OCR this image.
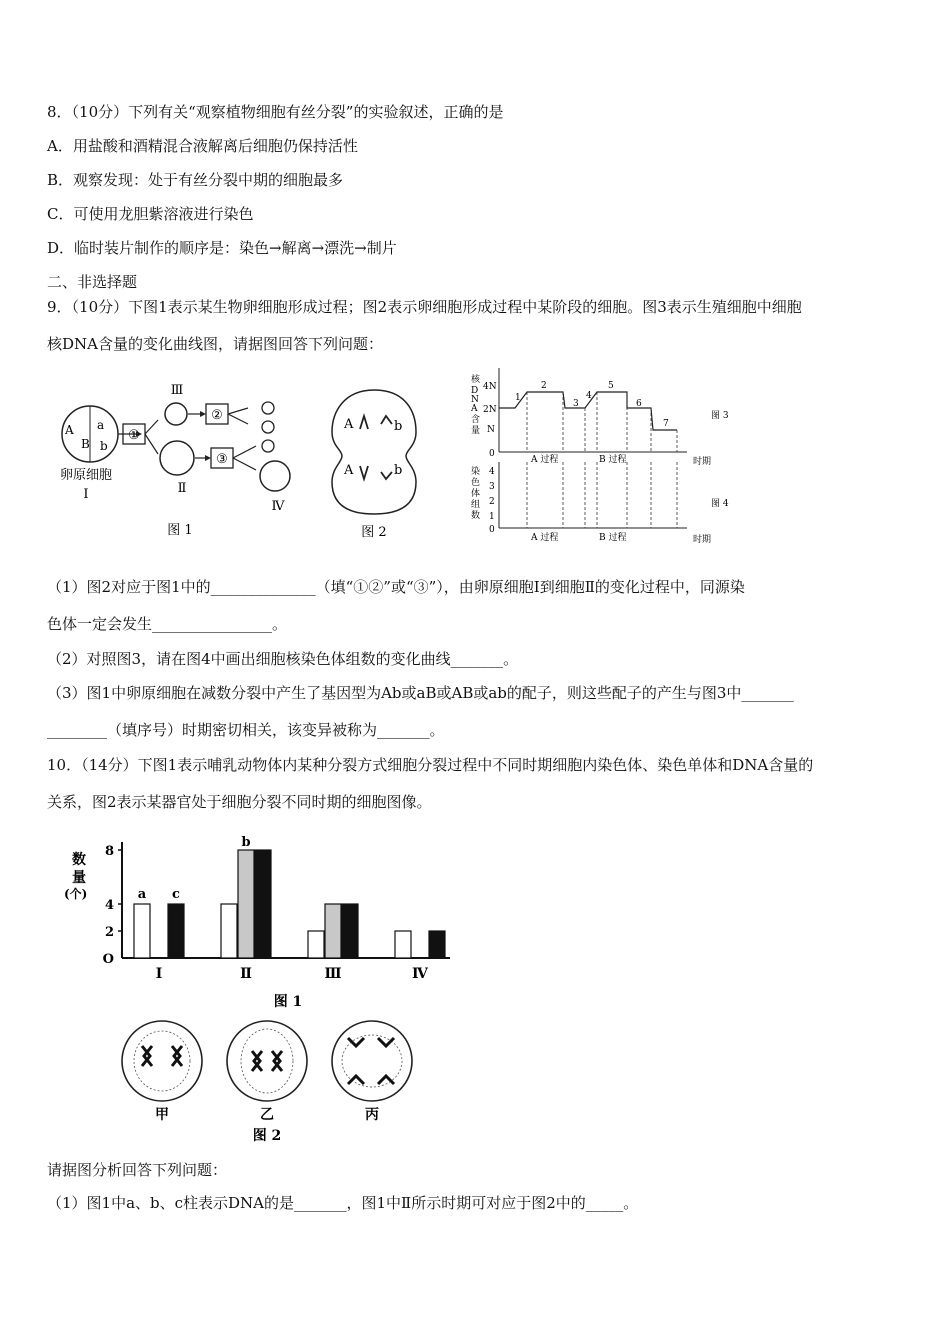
8．（10分）下列有关“观察植物细胞有丝分裂”的实验叙述，正确的是
A．用盐酸和酒精混合液解离后细胞仍保持活性
B．观察发现：处于有丝分裂中期的细胞最多
C．可使用龙胆紫溶液进行染色
D．临时装片制作的顺序是：染色→解离→漂洗→制片
二、非选择题
9．（10分）下图1表示某生物卵细胞形成过程；图2表示卵细胞形成过程中某阶段的细胞。图3表示生殖细胞中细胞
核DNA含量的变化曲线图，请据图回答下列问题：
A a
B b
①
Ⅲ
Ⅱ
②
③
Ⅳ
卵原细胞
Ⅰ
图 1
A	b
A	b
图 2
核
D
N
A
含
量
4N
2N
N
0
1
2
3
4
5
6
7
A 过程	B 过程	时期
图 3
染
色
体
组
数
4
3
2
1
0
A 过程	B 过程	时期
图 4
（1）图2对应于图1中的______________（填“①②”或“③”），由卵原细胞Ⅰ到细胞Ⅱ的变化过程中，同源染
色体一定会发生________________。
（2）对照图3，请在图4中画出细胞核染色体组数的变化曲线_______。
（3）图1中卵原细胞在减数分裂中产生了基因型为Ab或aB或AB或ab的配子，则这些配子的产生与图3中_______
________（填序号）时期密切相关，该变异被称为_______。
10．（14分）下图1表示哺乳动物体内某种分裂方式细胞分裂过程中不同时期细胞内染色体、染色单体和DNA含量的
关系，图2表示某器官处于细胞分裂不同时期的细胞图像。
数
量
(个)
8
4
2
O
Ⅰ	Ⅱ	Ⅲ	Ⅳ
a c
b
图 1
甲	乙	丙
图 2
请据图分析回答下列问题：
（1）图1中a、b、c柱表示DNA的是_______，图1中Ⅱ所示时期可对应于图2中的_____。
